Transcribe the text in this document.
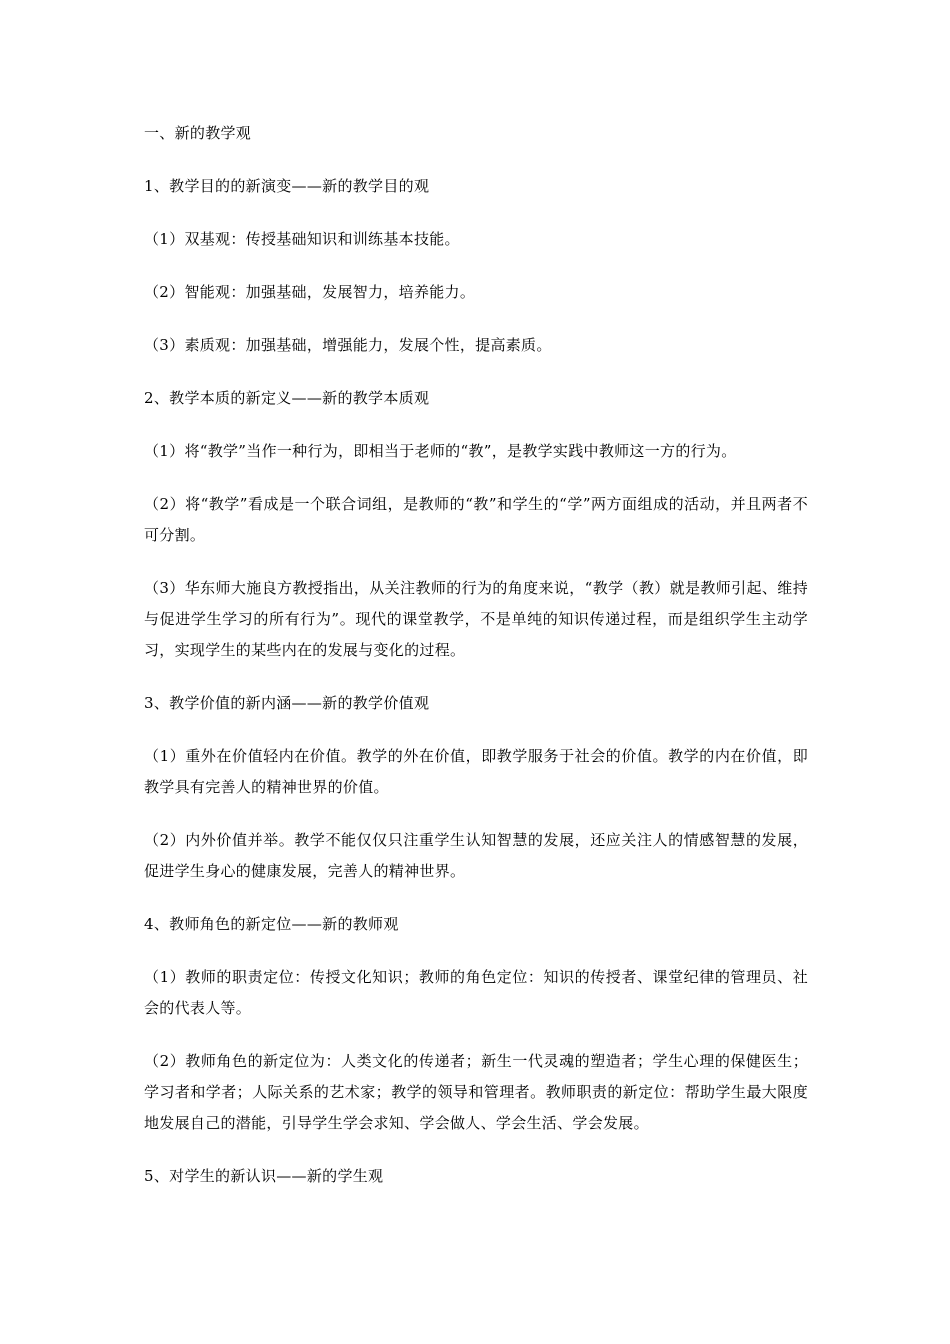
一、新的教学观

1、教学目的的新演变——新的教学目的观

（1）双基观：传授基础知识和训练基本技能。

（2）智能观：加强基础，发展智力，培养能力。

（3）素质观：加强基础，增强能力，发展个性，提高素质。

2、教学本质的新定义——新的教学本质观

（1）将“教学”当作一种行为，即相当于老师的“教”，是教学实践中教师这一方的行为。

（2）将“教学”看成是一个联合词组，是教师的“教”和学生的“学”两方面组成的活动，并且两者不可分割。

（3）华东师大施良方教授指出，从关注教师的行为的角度来说，“教学（教）就是教师引起、维持与促进学生学习的所有行为”。现代的课堂教学，不是单纯的知识传递过程，而是组织学生主动学习，实现学生的某些内在的发展与变化的过程。

3、教学价值的新内涵——新的教学价值观

（1）重外在价值轻内在价值。教学的外在价值，即教学服务于社会的价值。教学的内在价值，即教学具有完善人的精神世界的价值。

（2）内外价值并举。教学不能仅仅只注重学生认知智慧的发展，还应关注人的情感智慧的发展，促进学生身心的健康发展，完善人的精神世界。

4、教师角色的新定位——新的教师观

（1）教师的职责定位：传授文化知识；教师的角色定位：知识的传授者、课堂纪律的管理员、社会的代表人等。

（2）教师角色的新定位为：人类文化的传递者；新生一代灵魂的塑造者；学生心理的保健医生；学习者和学者；人际关系的艺术家；教学的领导和管理者。教师职责的新定位：帮助学生最大限度地发展自己的潜能，引导学生学会求知、学会做人、学会生活、学会发展。

5、对学生的新认识——新的学生观
